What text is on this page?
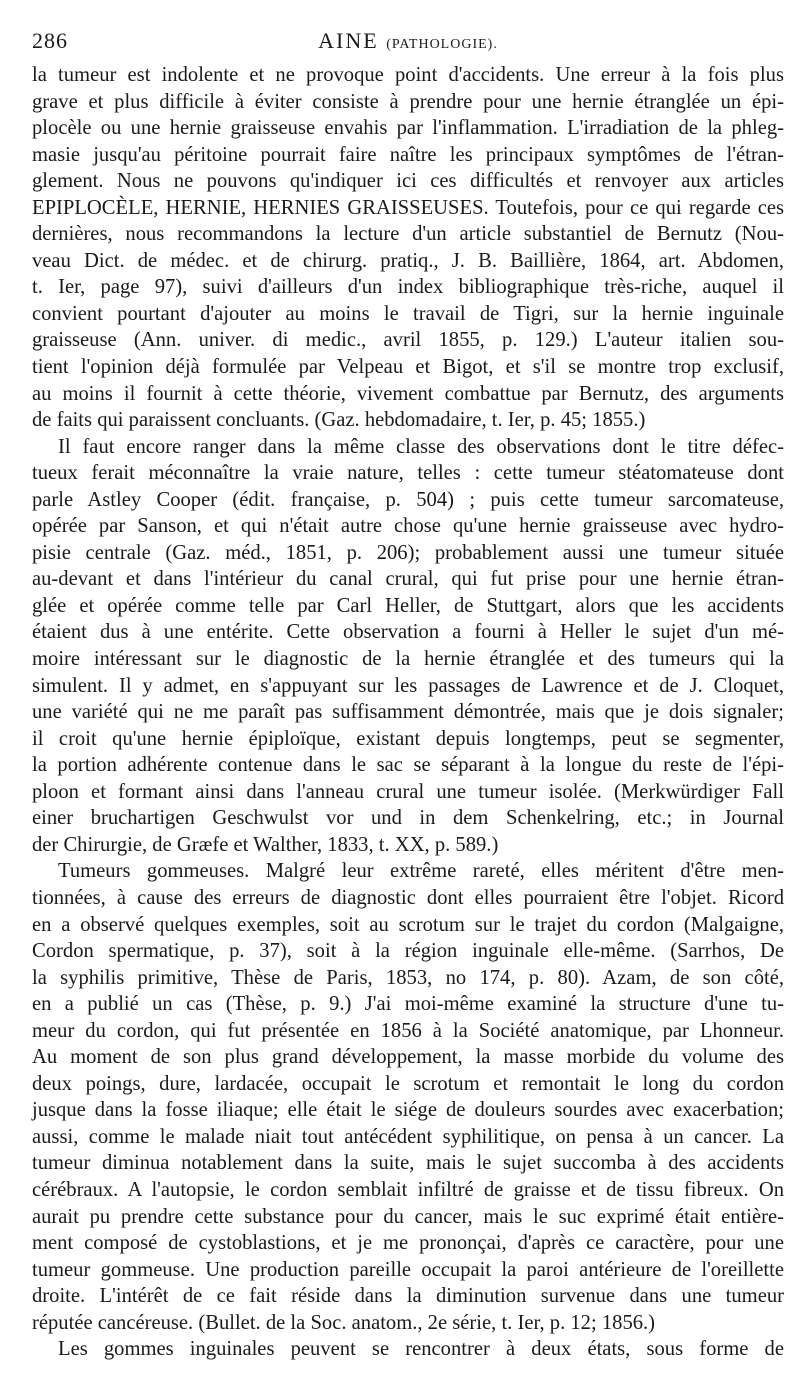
286	AINE (PATHOLOGIE).
la tumeur est indolente et ne provoque point d'accidents. Une erreur à la fois plus
grave et plus difficile à éviter consiste à prendre pour une hernie étranglée un épi-
plocèle ou une hernie graisseuse envahis par l'inflammation. L'irradiation de la phleg-
masie jusqu'au péritoine pourrait faire naître les principaux symptômes de l'étran-
glement. Nous ne pouvons qu'indiquer ici ces difficultés et renvoyer aux articles
EPIPLOCÈLE, HERNIE, HERNIES GRAISSEUSES. Toutefois, pour ce qui regarde ces
dernières, nous recommandons la lecture d'un article substantiel de Bernutz (Nou-
veau Dict. de médec. et de chirurg. pratiq., J. B. Baillière, 1864, art. Abdomen,
t. Ier, page 97), suivi d'ailleurs d'un index bibliographique très-riche, auquel il
convient pourtant d'ajouter au moins le travail de Tigri, sur la hernie inguinale
graisseuse (Ann. univer. di medic., avril 1855, p. 129.) L'auteur italien sou-
tient l'opinion déjà formulée par Velpeau et Bigot, et s'il se montre trop exclusif,
au moins il fournit à cette théorie, vivement combattue par Bernutz, des arguments
de faits qui paraissent concluants. (Gaz. hebdomadaire, t. Ier, p. 45; 1855.)
Il faut encore ranger dans la même classe des observations dont le titre défec-
tueux ferait méconnaître la vraie nature, telles : cette tumeur stéatomateuse dont
parle Astley Cooper (édit. française, p. 504) ; puis cette tumeur sarcomateuse,
opérée par Sanson, et qui n'était autre chose qu'une hernie graisseuse avec hydro-
pisie centrale (Gaz. méd., 1851, p. 206); probablement aussi une tumeur située
au-devant et dans l'intérieur du canal crural, qui fut prise pour une hernie étran-
glée et opérée comme telle par Carl Heller, de Stuttgart, alors que les accidents
étaient dus à une entérite. Cette observation a fourni à Heller le sujet d'un mé-
moire intéressant sur le diagnostic de la hernie étranglée et des tumeurs qui la
simulent. Il y admet, en s'appuyant sur les passages de Lawrence et de J. Cloquet,
une variété qui ne me paraît pas suffisamment démontrée, mais que je dois signaler;
il croit qu'une hernie épiploïque, existant depuis longtemps, peut se segmenter,
la portion adhérente contenue dans le sac se séparant à la longue du reste de l'épi-
ploon et formant ainsi dans l'anneau crural une tumeur isolée. (Merkwürdiger Fall
einer bruchartigen Geschwulst vor und in dem Schenkelring, etc.; in Journal
der Chirurgie, de Græfe et Walther, 1833, t. XX, p. 589.)
Tumeurs gommeuses. Malgré leur extrême rareté, elles méritent d'être men-
tionnées, à cause des erreurs de diagnostic dont elles pourraient être l'objet. Ricord
en a observé quelques exemples, soit au scrotum sur le trajet du cordon (Malgaigne,
Cordon spermatique, p. 37), soit à la région inguinale elle-même. (Sarrhos, De
la syphilis primitive, Thèse de Paris, 1853, no 174, p. 80). Azam, de son côté,
en a publié un cas (Thèse, p. 9.) J'ai moi-même examiné la structure d'une tu-
meur du cordon, qui fut présentée en 1856 à la Société anatomique, par Lhonneur.
Au moment de son plus grand développement, la masse morbide du volume des
deux poings, dure, lardacée, occupait le scrotum et remontait le long du cordon
jusque dans la fosse iliaque; elle était le siége de douleurs sourdes avec exacerbation;
aussi, comme le malade niait tout antécédent syphilitique, on pensa à un cancer. La
tumeur diminua notablement dans la suite, mais le sujet succomba à des accidents
cérébraux. A l'autopsie, le cordon semblait infiltré de graisse et de tissu fibreux. On
aurait pu prendre cette substance pour du cancer, mais le suc exprimé était entière-
ment composé de cystoblastions, et je me prononçai, d'après ce caractère, pour une
tumeur gommeuse. Une production pareille occupait la paroi antérieure de l'oreillette
droite. L'intérêt de ce fait réside dans la diminution survenue dans une tumeur
réputée cancéreuse. (Bullet. de la Soc. anatom., 2e série, t. Ier, p. 12; 1856.)
Les gommes inguinales peuvent se rencontrer à deux états, sous forme de
